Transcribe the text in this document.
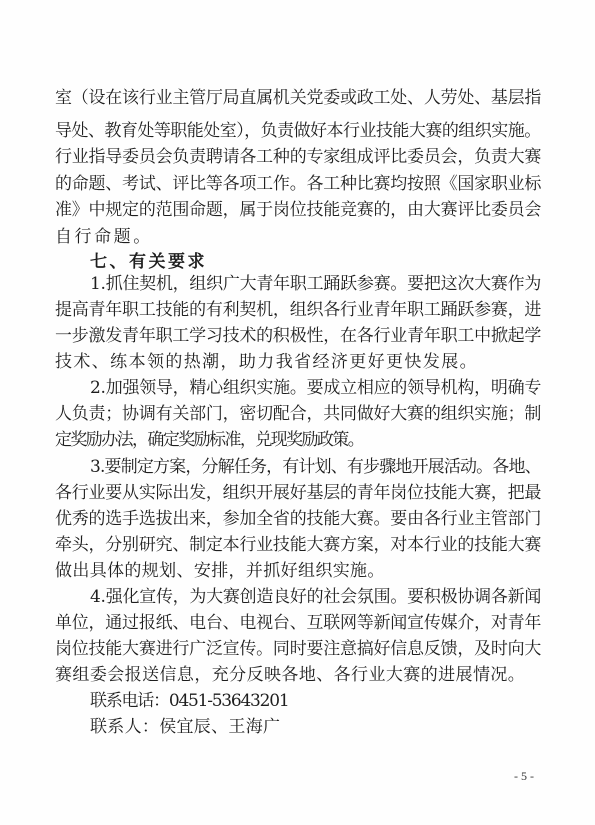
室（设在该行业主管厅局直属机关党委或政工处、人劳处、基层指
导处、教育处等职能处室），负责做好本行业技能大赛的组织实施。
行业指导委员会负责聘请各工种的专家组成评比委员会，负责大赛
的命题、考试、评比等各项工作。各工种比赛均按照《国家职业标
准》中规定的范围命题，属于岗位技能竞赛的，由大赛评比委员会
自行命题。
七、有关要求
1.抓住契机，组织广大青年职工踊跃参赛。要把这次大赛作为
提高青年职工技能的有利契机，组织各行业青年职工踊跃参赛，进
一步激发青年职工学习技术的积极性，在各行业青年职工中掀起学
技术、练本领的热潮，助力我省经济更好更快发展。
2.加强领导，精心组织实施。要成立相应的领导机构，明确专
人负责；协调有关部门，密切配合，共同做好大赛的组织实施；制
定奖励办法，确定奖励标准，兑现奖励政策。
3.要制定方案，分解任务，有计划、有步骤地开展活动。各地、
各行业要从实际出发，组织开展好基层的青年岗位技能大赛，把最
优秀的选手选拔出来，参加全省的技能大赛。要由各行业主管部门
牵头，分别研究、制定本行业技能大赛方案，对本行业的技能大赛
做出具体的规划、安排，并抓好组织实施。
4.强化宣传，为大赛创造良好的社会氛围。要积极协调各新闻
单位，通过报纸、电台、电视台、互联网等新闻宣传媒介，对青年
岗位技能大赛进行广泛宣传。同时要注意搞好信息反馈，及时向大
赛组委会报送信息，充分反映各地、各行业大赛的进展情况。
联系电话：0451-53643201
联系人：侯宜辰、王海广
- 5 -
